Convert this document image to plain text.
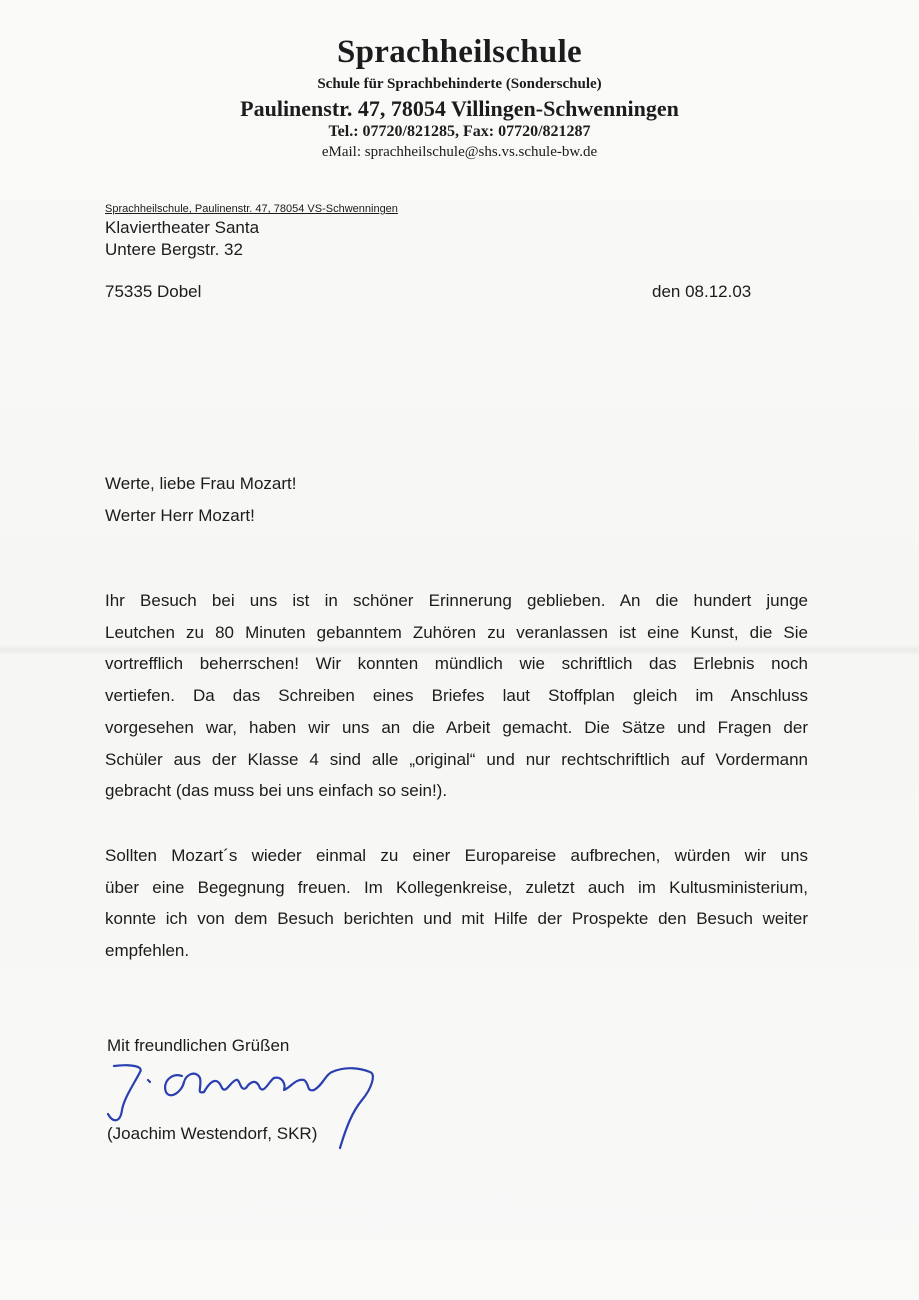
Sprachheilschule
Schule für Sprachbehinderte (Sonderschule)
Paulinenstr. 47, 78054 Villingen-Schwenningen
Tel.: 07720/821285, Fax: 07720/821287
eMail: sprachheilschule@shs.vs.schule-bw.de
Sprachheilschule, Paulinenstr. 47, 78054 VS-Schwenningen
Klaviertheater Santa
Untere Bergstr. 32
75335 Dobel	den 08.12.03
Werte, liebe Frau Mozart!
Werter Herr Mozart!
Ihr Besuch bei uns ist in schöner Erinnerung geblieben. An die hundert junge
Leutchen zu 80 Minuten gebanntem Zuhören zu veranlassen ist eine Kunst, die Sie
vortrefflich beherrschen! Wir konnten mündlich wie schriftlich das Erlebnis noch
vertiefen. Da das Schreiben eines Briefes laut Stoffplan gleich im Anschluss
vorgesehen war, haben wir uns an die Arbeit gemacht. Die Sätze und Fragen der
Schüler aus der Klasse 4 sind alle „original“ und nur rechtschriftlich auf Vordermann
gebracht (das muss bei uns einfach so sein!).
Sollten Mozart´s wieder einmal zu einer Europareise aufbrechen, würden wir uns
über eine Begegnung freuen. Im Kollegenkreise, zuletzt auch im Kultusministerium,
konnte ich von dem Besuch berichten und mit Hilfe der Prospekte den Besuch weiter
empfehlen.
Mit freundlichen Grüßen
(Joachim Westendorf, SKR)
